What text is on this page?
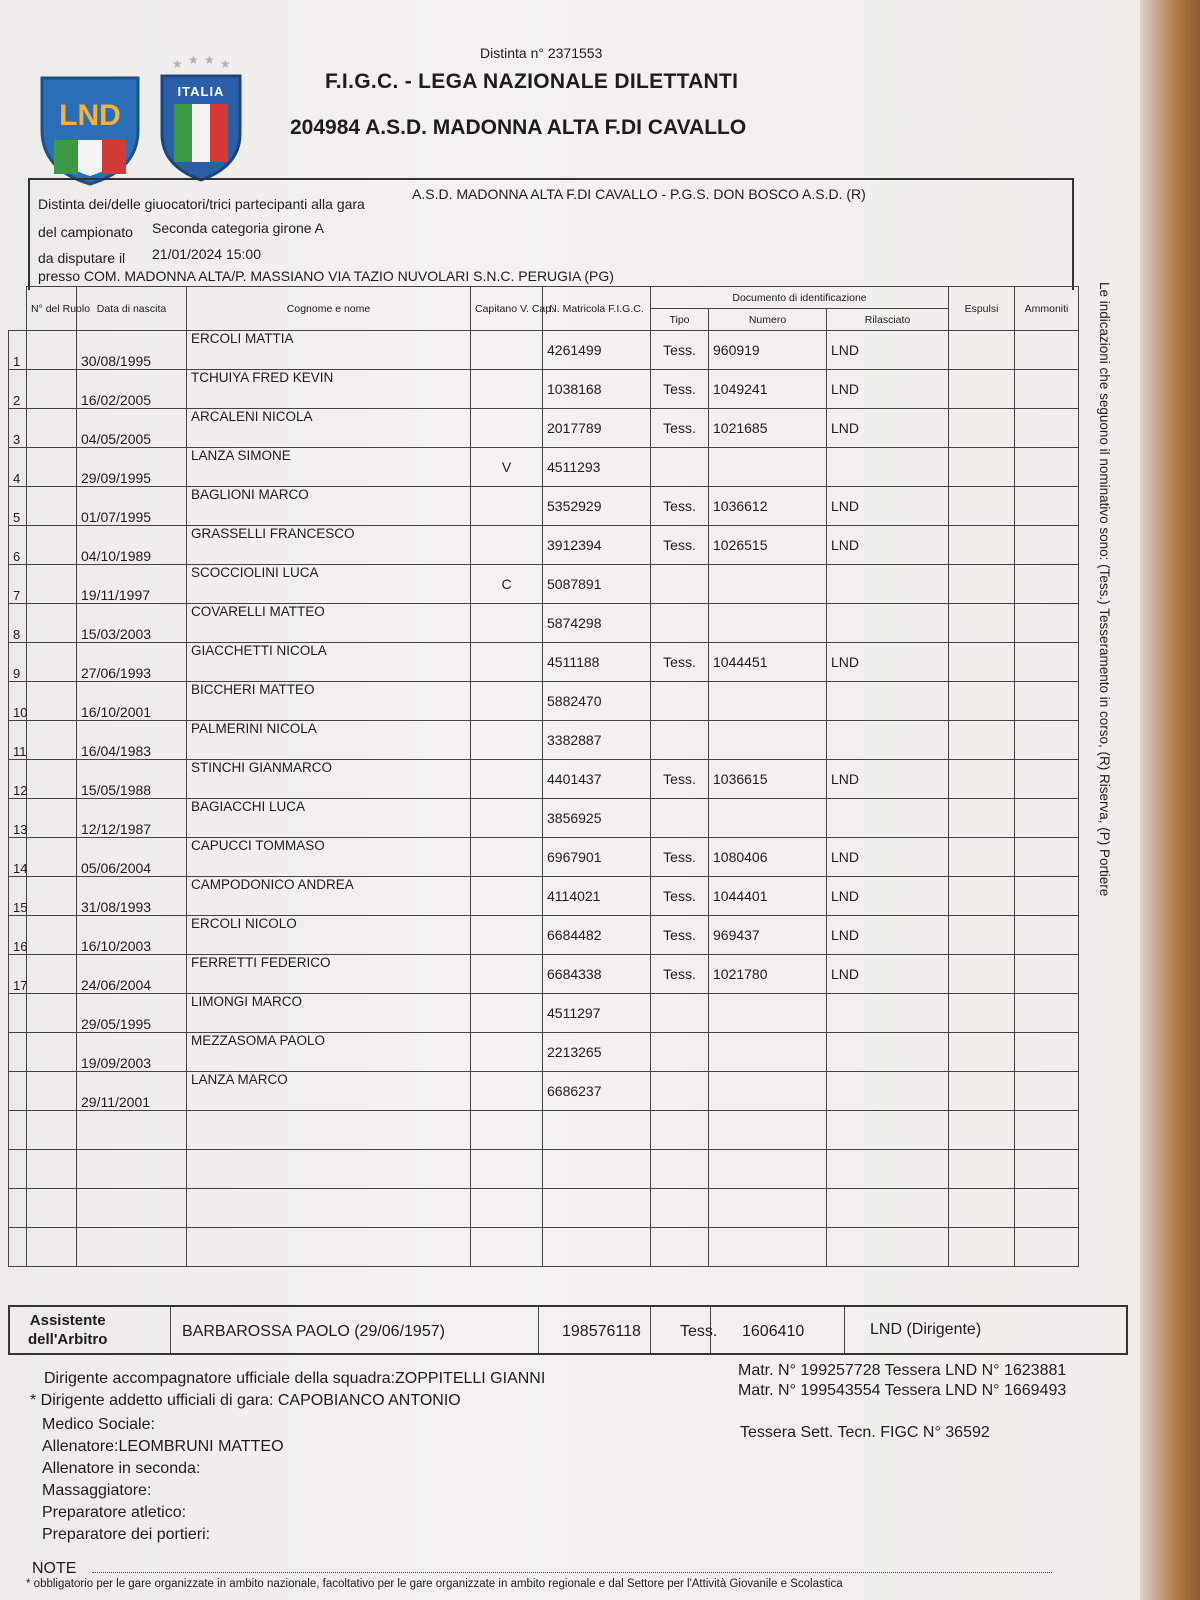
LND
★ ★ ★ ★
ITALIA
Distinta n° 2371553
F.I.G.C. - LEGA NAZIONALE DILETTANTI
204984 A.S.D. MADONNA ALTA F.DI CAVALLO
Distinta dei/delle giuocatori/trici partecipanti alla gara
A.S.D. MADONNA ALTA F.DI CAVALLO - P.G.S. DON BOSCO A.S.D. (R)
del campionato Seconda categoria girone A
da disputare il 21/01/2024 15:00
presso COM. MADONNA ALTA/P. MASSIANO VIA TAZIO NUVOLARI S.N.C. PERUGIA (PG)
	N° del Ruolo	Data di nascita	Cognome e nome	Capitano V. Cap.	N. Matricola F.I.G.C.	Documento di identificazione			Espulsi	Ammoniti
						Tipo	Numero	Rilasciato		
1		30/08/1995	ERCOLI MATTIA		4261499	Tess.	960919	LND		
2		16/02/2005	TCHUIYA FRED KEVIN		1038168	Tess.	1049241	LND		
3		04/05/2005	ARCALENI NICOLA		2017789	Tess.	1021685	LND		
4		29/09/1995	LANZA SIMONE	V	4511293					
5		01/07/1995	BAGLIONI MARCO		5352929	Tess.	1036612	LND		
6		04/10/1989	GRASSELLI FRANCESCO		3912394	Tess.	1026515	LND		
7		19/11/1997	SCOCCIOLINI LUCA	C	5087891					
8		15/03/2003	COVARELLI MATTEO		5874298					
9		27/06/1993	GIACCHETTI NICOLA		4511188	Tess.	1044451	LND		
10		16/10/2001	BICCHERI MATTEO		5882470					
11		16/04/1983	PALMERINI NICOLA		3382887					
12		15/05/1988	STINCHI GIANMARCO		4401437	Tess.	1036615	LND		
13		12/12/1987	BAGIACCHI LUCA		3856925					
14		05/06/2004	CAPUCCI TOMMASO		6967901	Tess.	1080406	LND		
15		31/08/1993	CAMPODONICO ANDREA		4114021	Tess.	1044401	LND		
16		16/10/2003	ERCOLI NICOLO		6684482	Tess.	969437	LND		
17		24/06/2004	FERRETTI FEDERICO		6684338	Tess.	1021780	LND		
		29/05/1995	LIMONGI MARCO		4511297					
		19/09/2003	MEZZASOMA PAOLO		2213265					
		29/11/2001	LANZA MARCO		6686237					

Assistente
dell'Arbitro	BARBAROSSA PAOLO (29/06/1957)	198576118 Tess. 1606410	LND (Dirigente)
Dirigente accompagnatore ufficiale della squadra:ZOPPITELLI GIANNI
* Dirigente addetto ufficiali di gara: CAPOBIANCO ANTONIO
Medico Sociale:
Allenatore:LEOMBRUNI MATTEO
Allenatore in seconda:
Massaggiatore:
Preparatore atletico:
Preparatore dei portieri:
Matr. N° 199257728 Tessera LND N° 1623881
Matr. N° 199543554 Tessera LND N° 1669493
Tessera Sett. Tecn. FIGC N° 36592
NOTE
* obbligatorio per le gare organizzate in ambito nazionale, facoltativo per le gare organizzate in ambito regionale e dal Settore per l'Attività Giovanile e Scolastica
Le indicazioni che seguono il nominativo sono: (Tess.) Tesseramento in corso, (R) Riserva, (P) Portiere
